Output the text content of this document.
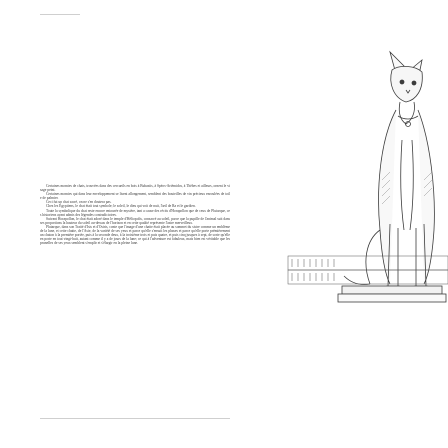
Certaines momies de chats, trouvées dans des cercueils en bois à Bubastis, à Spéos-Artémidos, à Thèbes et ailleurs, ornent le visage peint.

Certaines momies qui dans leur enveloppement se lisent allongement, semblent des bouteilles de vin précieux enroulées de toile de palmier.

Ceci fut un chat sacré, on ne s'en doutera pas.

Chez les Égyptiens, le chat était tout symbole; le soleil, le dieu qui voit de nuit, l'œil de Ra et le gardien.

Toute la symbolique du chat reste encore entourée de mystère, tant a cause des récits d'Horapollon que de ceux de Plutarque, ces historiens ayant admis des légendes contradictoires.

Suivant Horapollon, le chat était adoré dans le temple d'Héliopolis, consacré au soleil, parce que la pupille de l'animal suit dans ses proportions la hauteur du soleil au-dessus de l'horizon et en cette qualité représente l'astre merveilleux.

Plutarque, dans son Traité d'Isis et d'Osiris, conte que l'image d'une chatte était placée au sommet du sistre comme un emblème de la lune, et cette chatte, de l'Asie, de la variété de ses yeux et parce qu'elle s'ensuit les phases et parce qu'elle porte prémièrement un chaton à la première portée, puis à la seconde deux, à la troisième trois et puis quatre, et puis cinq jusques à sept, de sorte qu'elle en porte en tout vingt-huit, autant comme il y a de jours de la lune; ce qui à l'adventure est fabuleux, mais bien est véritable que les prunelles de ses yeux semblent s'emplir et s'élargir en la pleine lune.
